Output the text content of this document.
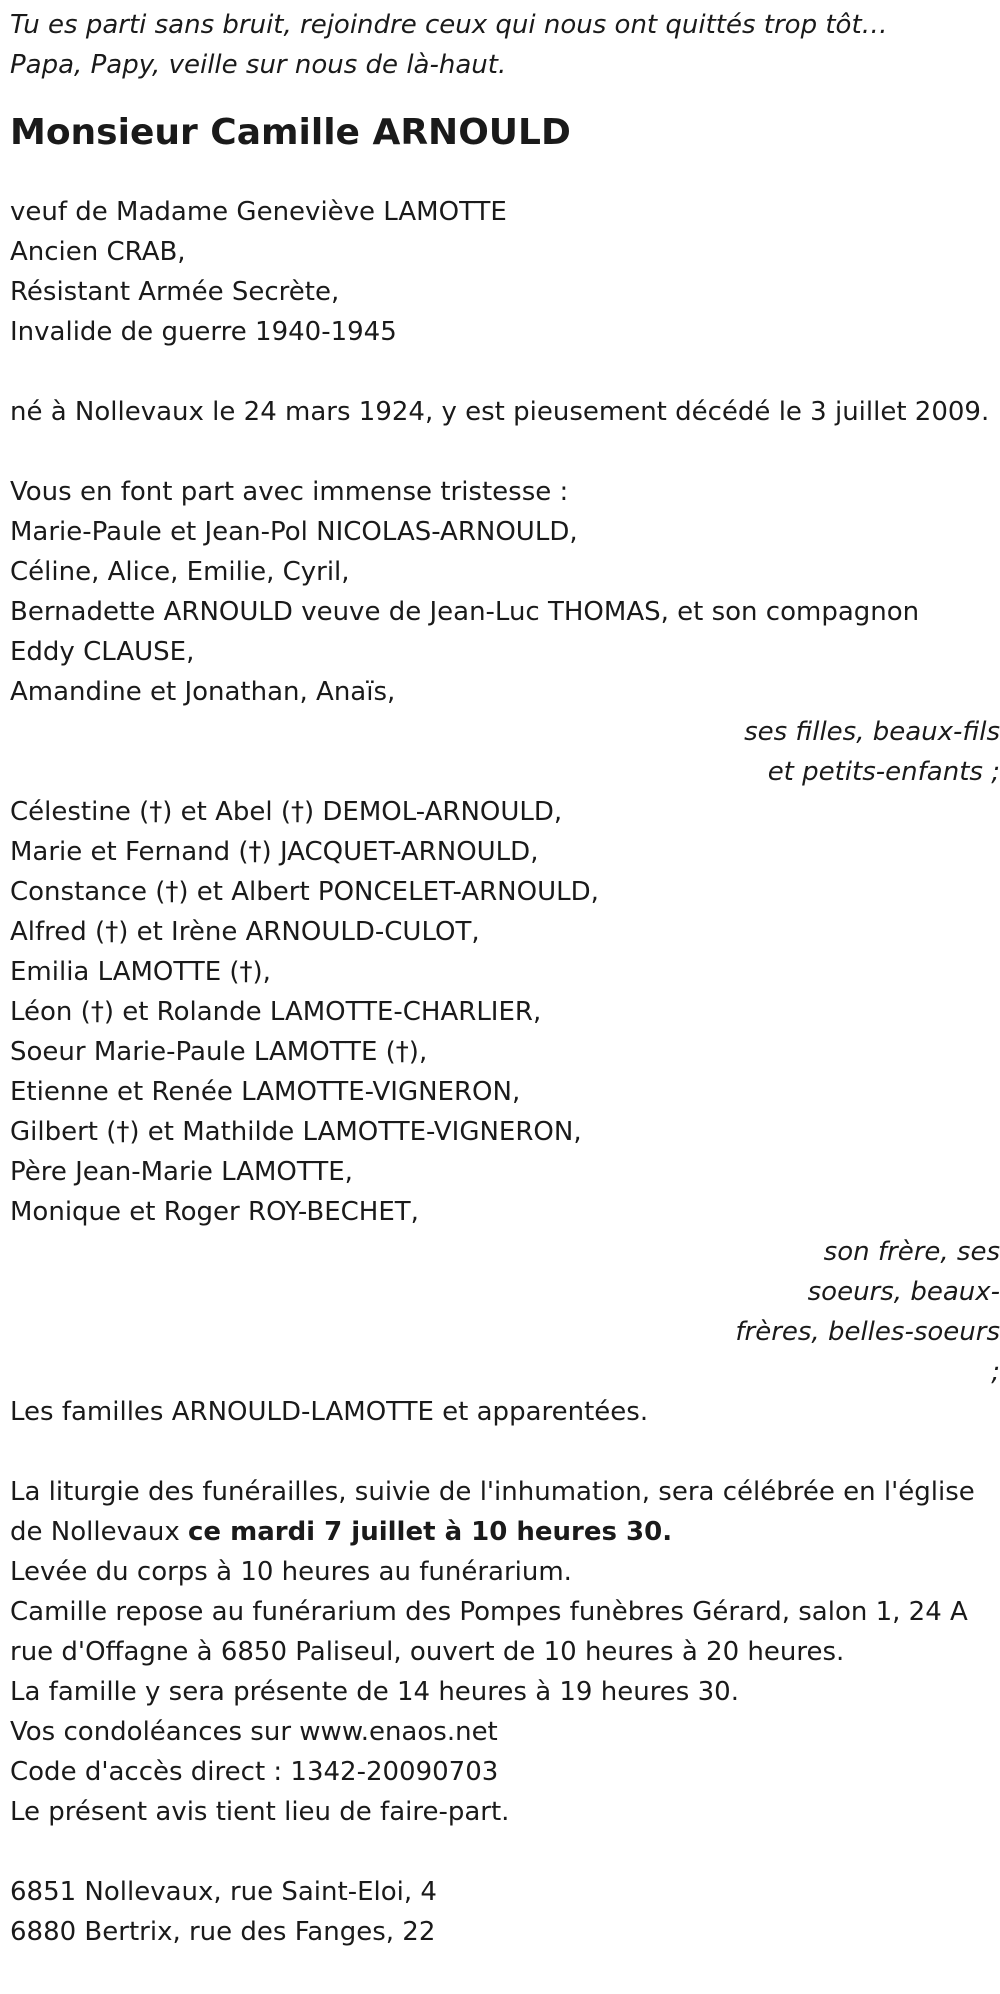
Tu es parti sans bruit, rejoindre ceux qui nous ont quittés trop tôt…

Papa, Papy, veille sur nous de là-haut.

Monsieur Camille ARNOULD
veuf de Madame Geneviève LAMOTTE
Ancien CRAB,
Résistant Armée Secrète,
Invalide de guerre 1940-1945
né à Nollevaux le 24 mars 1924, y est pieusement décédé le 3 juillet 2009.
Vous en font part avec immense tristesse :
Marie-Paule et Jean-Pol NICOLAS-ARNOULD,
Céline, Alice, Emilie, Cyril,
Bernadette ARNOULD veuve de Jean-Luc THOMAS, et son compagnon Eddy CLAUSE,
Amandine et Jonathan, Anaïs,
ses filles, beaux-fils
et petits-enfants ;
Célestine (†) et Abel (†) DEMOL-ARNOULD,
Marie et Fernand (†) JACQUET-ARNOULD,
Constance (†) et Albert PONCELET-ARNOULD,
Alfred (†) et Irène ARNOULD-CULOT,
Emilia LAMOTTE (†),
Léon (†) et Rolande LAMOTTE-CHARLIER,
Soeur Marie-Paule LAMOTTE (†),
Etienne et Renée LAMOTTE-VIGNERON,
Gilbert (†) et Mathilde LAMOTTE-VIGNERON,
Père Jean-Marie LAMOTTE,
Monique et Roger ROY-BECHET,
son frère, ses soeurs, beaux-frères, belles-soeurs ;
Les familles ARNOULD-LAMOTTE et apparentées.
La liturgie des funérailles, suivie de l'inhumation, sera célébrée en l'église de Nollevaux ce mardi 7 juillet à 10 heures 30.
Levée du corps à 10 heures au funérarium.
Camille repose au funérarium des Pompes funèbres Gérard, salon 1, 24 A rue d'Offagne à 6850 Paliseul, ouvert de 10 heures à 20 heures.
La famille y sera présente de 14 heures à 19 heures 30.
Vos condoléances sur www.enaos.net
Code d'accès direct : 1342-20090703
Le présent avis tient lieu de faire-part.
6851 Nollevaux, rue Saint-Eloi, 4
6880 Bertrix, rue des Fanges, 22
